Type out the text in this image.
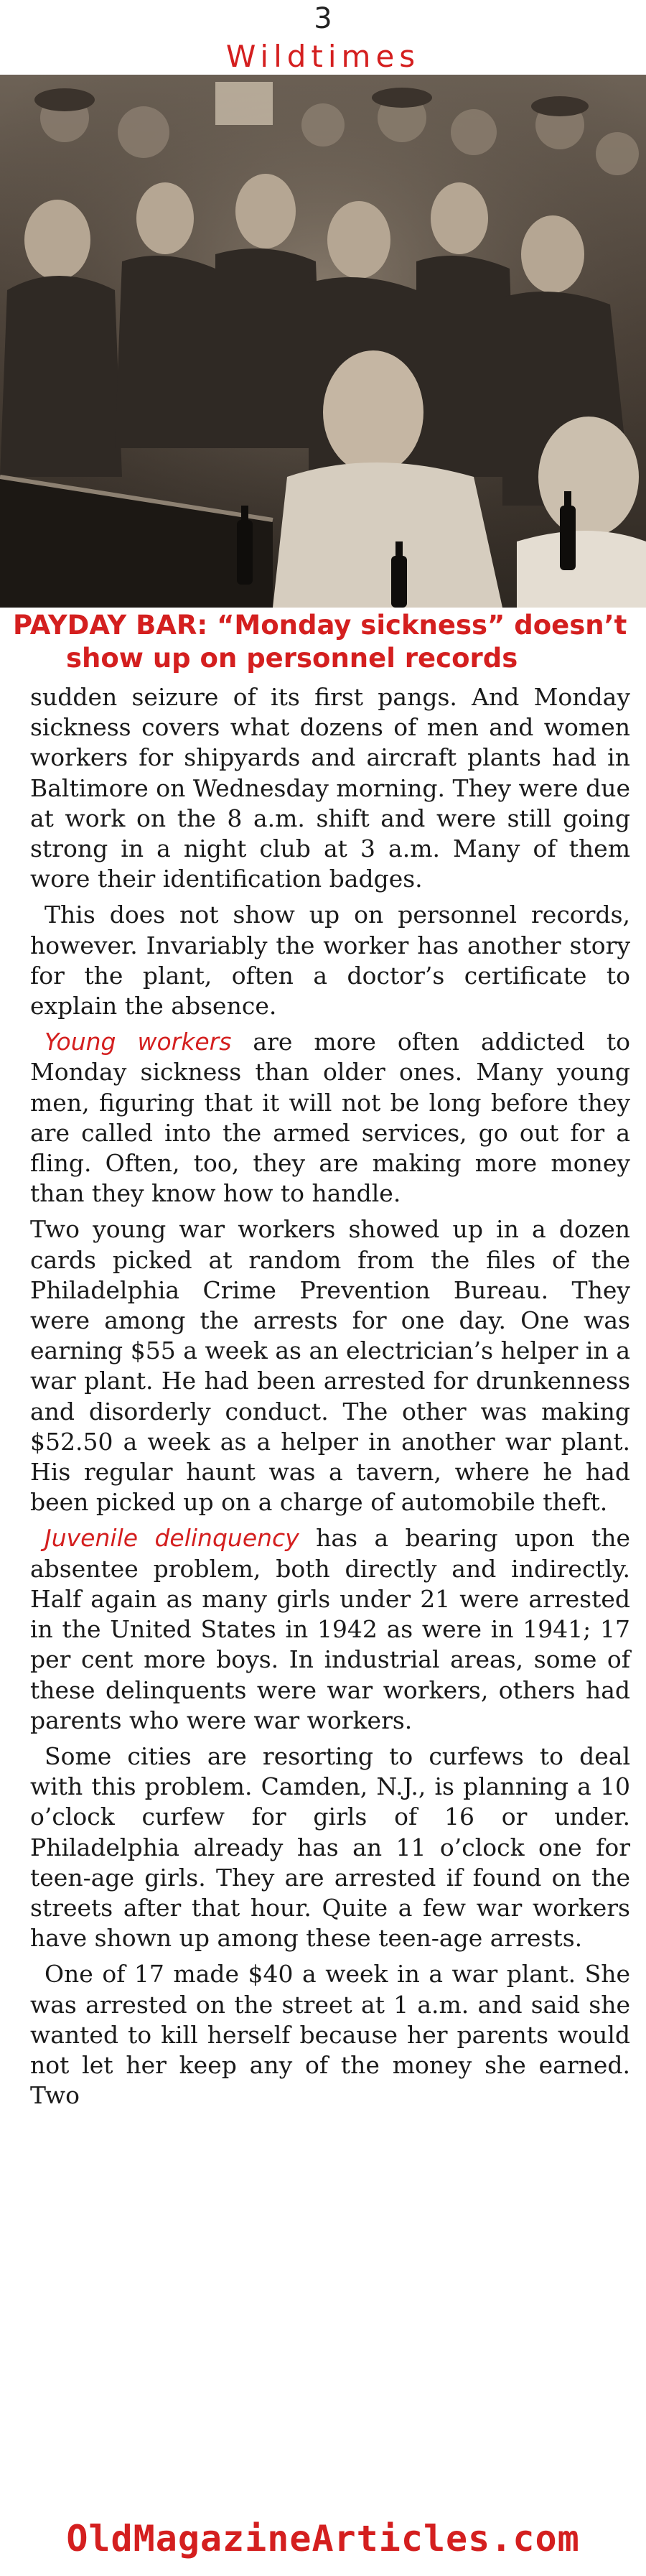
3
Wildtimes
PAYDAY BAR: “Monday sickness” doesn’t
show up on personnel records

sudden seizure of its first pangs. And Monday sickness covers what dozens of men and women workers for shipyards and aircraft plants had in Baltimore on Wednesday morning. They were due at work on the 8 a.m. shift and were still going strong in a night club at 3 a.m. Many of them wore their identification badges.

This does not show up on personnel records, however. Invariably the worker has another story for the plant, often a doctor’s certificate to explain the absence.

Young workers are more often addicted to Monday sickness than older ones. Many young men, figuring that it will not be long before they are called into the armed services, go out for a fling. Often, too, they are making more money than they know how to handle.

Two young war workers showed up in a dozen cards picked at random from the files of the Philadelphia Crime Prevention Bureau. They were among the arrests for one day. One was earning $55 a week as an electrician’s helper in a war plant. He had been arrested for drunkenness and disorderly conduct. The other was making $52.50 a week as a helper in another war plant. His regular haunt was a tavern, where he had been picked up on a charge of automobile theft.

Juvenile delinquency has a bearing upon the absentee problem, both directly and indirectly. Half again as many girls under 21 were arrested in the United States in 1942 as were in 1941; 17 per cent more boys. In industrial areas, some of these delinquents were war workers, others had parents who were war workers.

Some cities are resorting to curfews to deal with this problem. Camden, N.J., is planning a 10 o’clock curfew for girls of 16 or under. Philadelphia already has an 11 o’clock one for teen-age girls. They are arrested if found on the streets after that hour. Quite a few war workers have shown up among these teen-age arrests.

One of 17 made $40 a week in a war plant. She was arrested on the street at 1 a.m. and said she wanted to kill herself because her parents would not let her keep any of the money she earned. Two

OldMagazineArticles.com
